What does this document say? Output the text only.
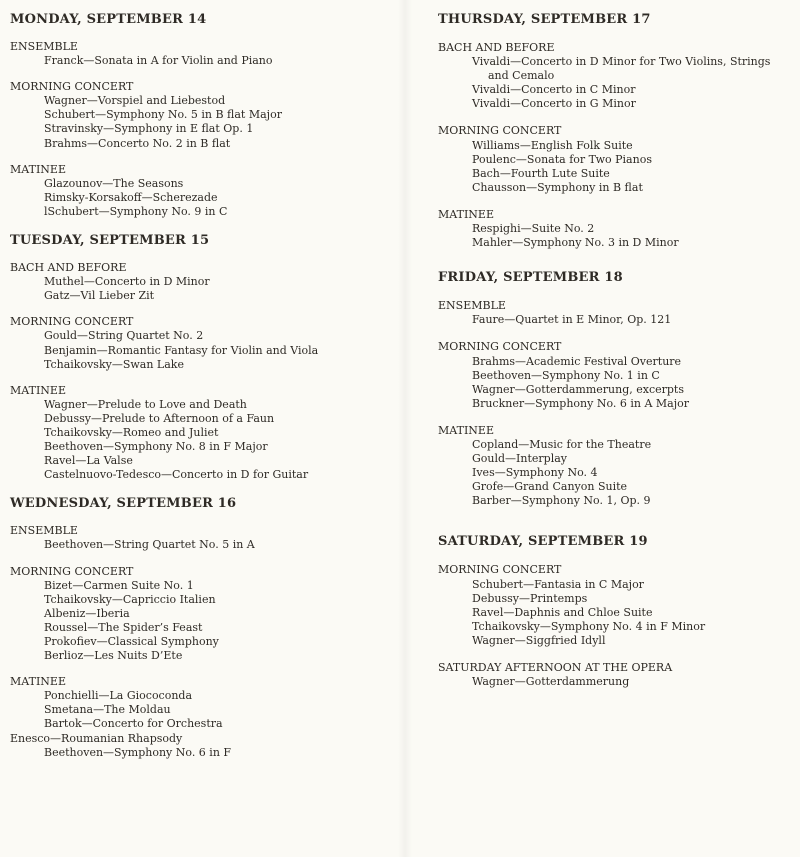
MONDAY, SEPTEMBER 14
ENSEMBLE
Franck—Sonata in A for Violin and Piano
MORNING CONCERT
Wagner—Vorspiel and Liebestod
Schubert—Symphony No. 5 in B flat Major
Stravinsky—Symphony in E flat Op. 1
Brahms—Concerto No. 2 in B flat
MATINEE
Glazounov—The Seasons
Rimsky-Korsakoff—Scherezade
lSchubert—Symphony No. 9 in C
TUESDAY, SEPTEMBER 15
BACH AND BEFORE
Muthel—Concerto in D Minor
Gatz—Vil Lieber Zit
MORNING CONCERT
Gould—String Quartet No. 2
Benjamin—Romantic Fantasy for Violin and Viola
Tchaikovsky—Swan Lake
MATINEE
Wagner—Prelude to Love and Death
Debussy—Prelude to Afternoon of a Faun
Tchaikovsky—Romeo and Juliet
Beethoven—Symphony No. 8 in F Major
Ravel—La Valse
Castelnuovo-Tedesco—Concerto in D for Guitar
WEDNESDAY, SEPTEMBER 16
ENSEMBLE
Beethoven—String Quartet No. 5 in A
MORNING CONCERT
Bizet—Carmen Suite No. 1
Tchaikovsky—Capriccio Italien
Albeniz—Iberia
Roussel—The Spider’s Feast
Prokofiev—Classical Symphony
Berlioz—Les Nuits D’Ete
MATINEE
Ponchielli—La Giococonda
Smetana—The Moldau
Bartok—Concerto for Orchestra
Enesco—Roumanian Rhapsody
Beethoven—Symphony No. 6 in F
THURSDAY, SEPTEMBER 17
BACH AND BEFORE
Vivaldi—Concerto in D Minor for Two Violins, Strings and Cemalo
Vivaldi—Concerto in C Minor
Vivaldi—Concerto in G Minor
MORNING CONCERT
Williams—English Folk Suite
Poulenc—Sonata for Two Pianos
Bach—Fourth Lute Suite
Chausson—Symphony in B flat
MATINEE
Respighi—Suite No. 2
Mahler—Symphony No. 3 in D Minor
FRIDAY, SEPTEMBER 18
ENSEMBLE
Faure—Quartet in E Minor, Op. 121
MORNING CONCERT
Brahms—Academic Festival Overture
Beethoven—Symphony No. 1 in C
Wagner—Gotterdammerung, excerpts
Bruckner—Symphony No. 6 in A Major
MATINEE
Copland—Music for the Theatre
Gould—Interplay
Ives—Symphony No. 4
Grofe—Grand Canyon Suite
Barber—Symphony No. 1, Op. 9
SATURDAY, SEPTEMBER 19
MORNING CONCERT
Schubert—Fantasia in C Major
Debussy—Printemps
Ravel—Daphnis and Chloe Suite
Tchaikovsky—Symphony No. 4 in F Minor
Wagner—Siggfried Idyll
SATURDAY AFTERNOON AT THE OPERA
Wagner—Gotterdammerung
